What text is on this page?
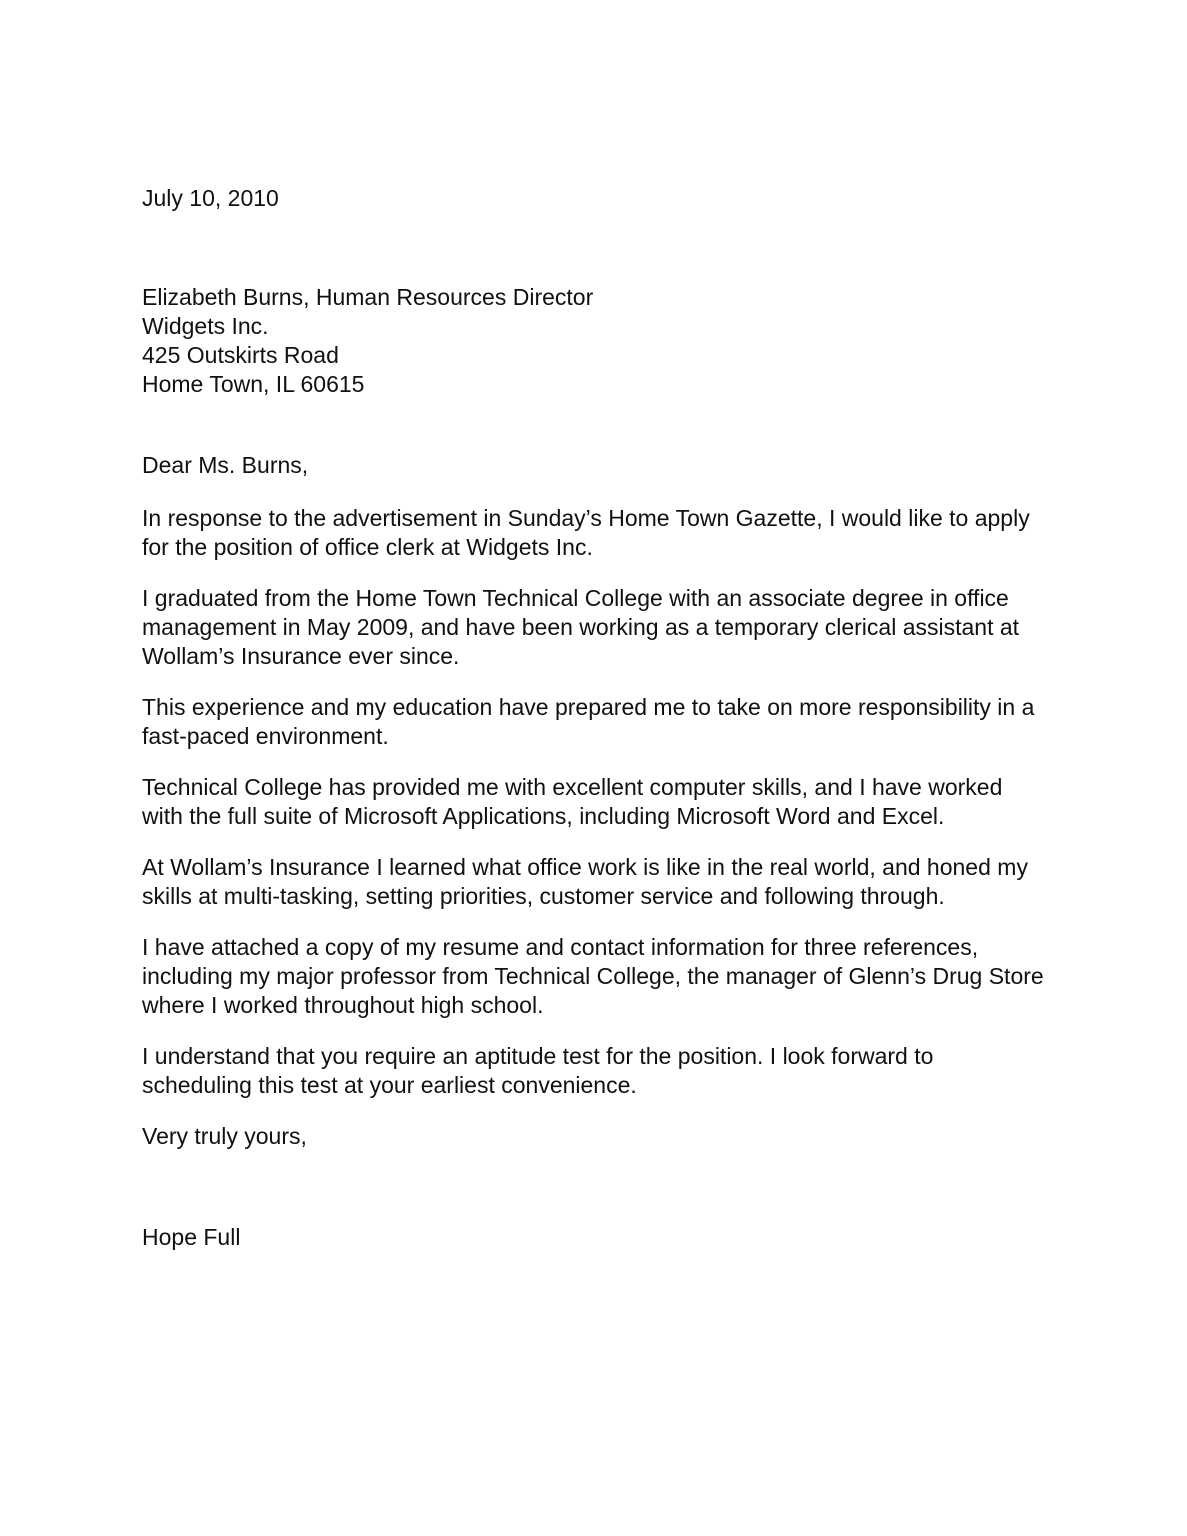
July 10, 2010
Elizabeth Burns, Human Resources Director
Widgets Inc.
425 Outskirts Road
Home Town, IL 60615
Dear Ms. Burns,

In response to the advertisement in Sunday’s Home Town Gazette, I would like to apply for the position of office clerk at Widgets Inc.

I graduated from the Home Town Technical College with an associate degree in office management in May 2009, and have been working as a temporary clerical assistant at Wollam’s Insurance ever since.

This experience and my education have prepared me to take on more responsibility in a fast-paced environment.

Technical College has provided me with excellent computer skills, and I have worked with the full suite of Microsoft Applications, including Microsoft Word and Excel.

At Wollam’s Insurance I learned what office work is like in the real world, and honed my skills at multi-tasking, setting priorities, customer service and following through.

I have attached a copy of my resume and contact information for three references, including my major professor from Technical College, the manager of Glenn’s Drug Store where I worked throughout high school.

I understand that you require an aptitude test for the position. I look forward to scheduling this test at your earliest convenience.

Very truly yours,
Hope Full
